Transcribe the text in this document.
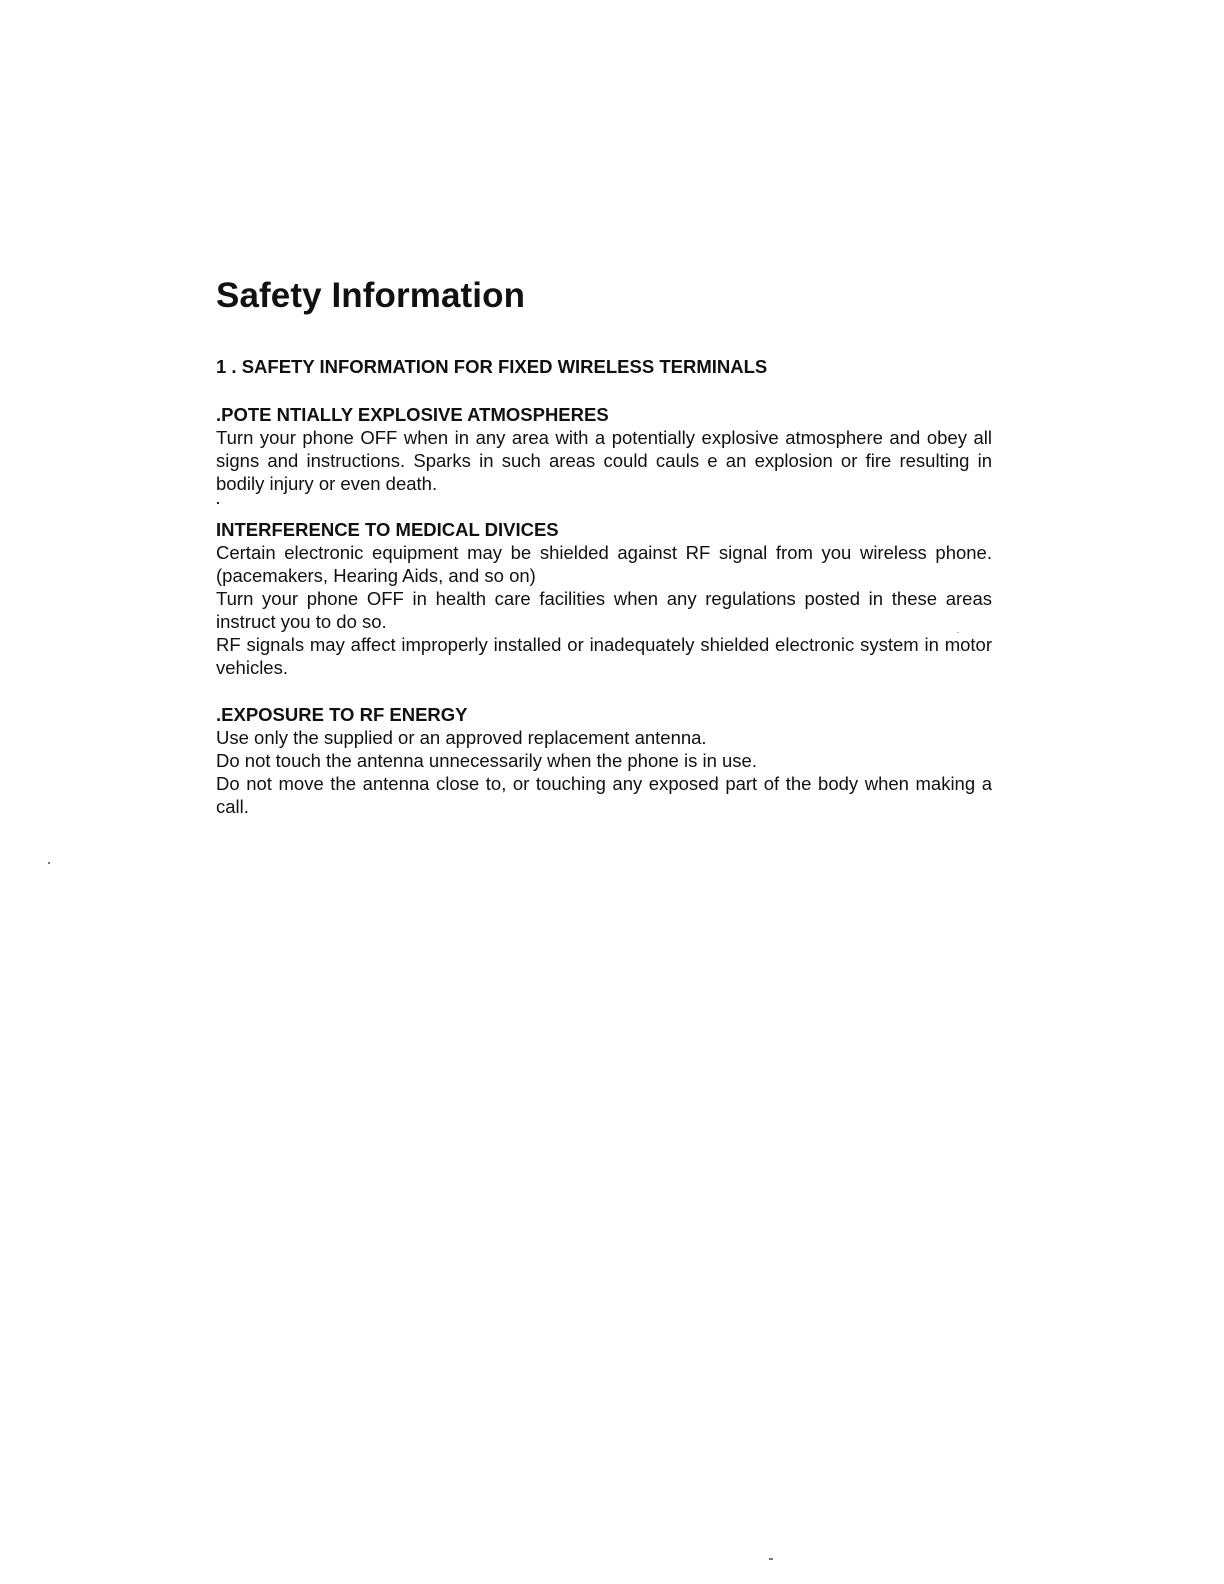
Safety Information
1 . SAFETY INFORMATION FOR FIXED WIRELESS TERMINALS
.POTE NTIALLY EXPLOSIVE ATMOSPHERES

Turn your phone OFF when in any area with a potentially explosive atmosphere and obey all signs and instructions. Sparks in such areas could cauls e an explosion or fire resulting in bodily injury or even death.

INTERFERENCE TO MEDICAL DIVICES

Certain electronic equipment may be shielded against RF signal from you wireless phone. (pacemakers, Hearing Aids, and so on)

Turn your phone OFF in health care facilities when any regulations posted in these areas instruct you to do so.

RF signals may affect improperly installed or inadequately shielded electronic system in motor vehicles.

.EXPOSURE TO RF ENERGY

Use only the supplied or an approved replacement antenna.

Do not touch the antenna unnecessarily when the phone is in use.

Do not move the antenna close to, or touching any exposed part of the body when making a call.
